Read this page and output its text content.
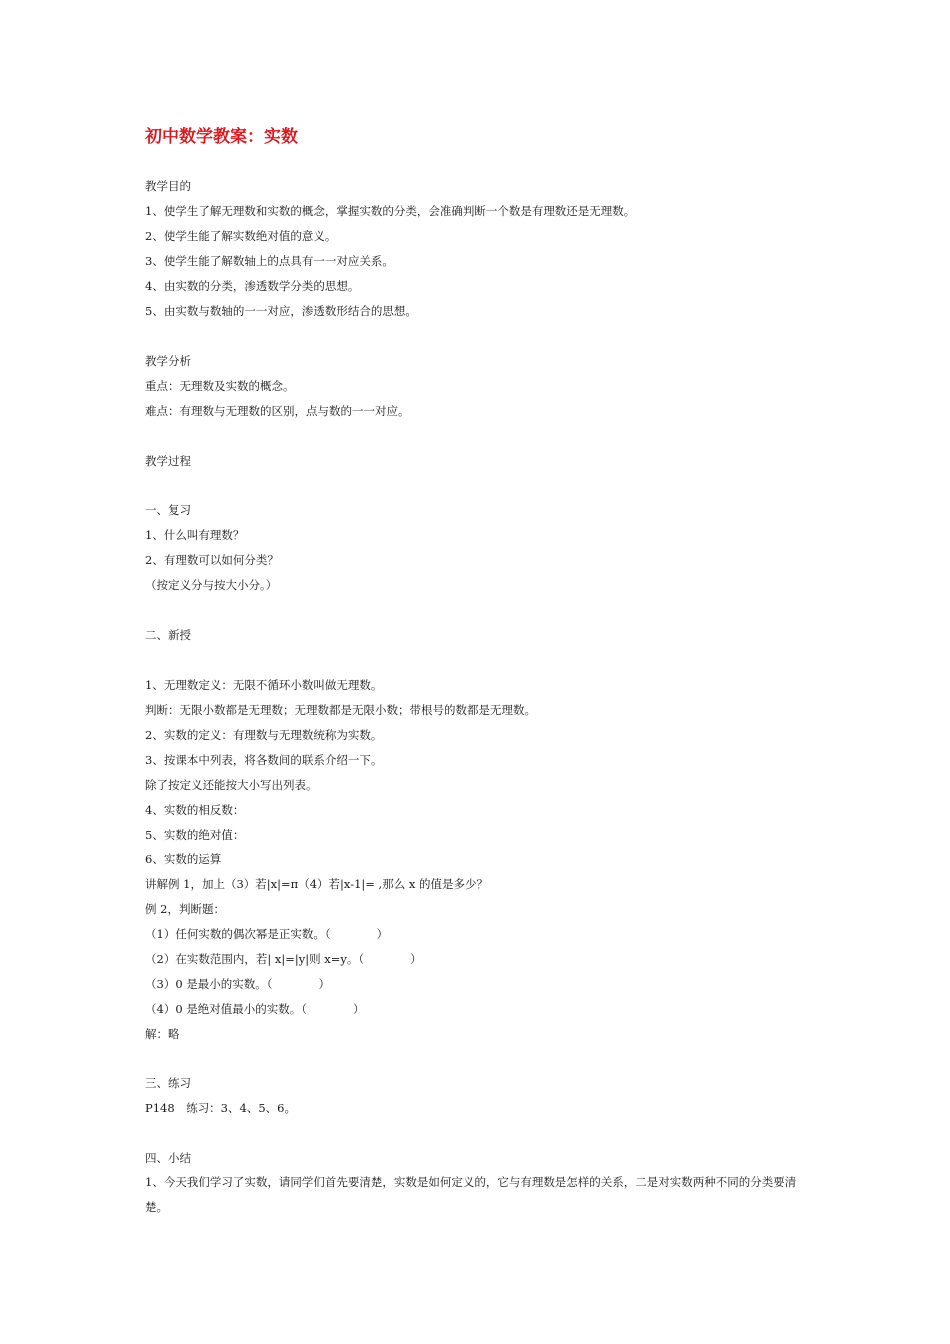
初中数学教案：实数
教学目的
1、使学生了解无理数和实数的概念，掌握实数的分类，会准确判断一个数是有理数还是无理数。
2、使学生能了解实数绝对值的意义。
3、使学生能了解数轴上的点具有一一对应关系。
4、由实数的分类，渗透数学分类的思想。
5、由实数与数轴的一一对应，渗透数形结合的思想。
教学分析
重点：无理数及实数的概念。
难点：有理数与无理数的区别，点与数的一一对应。
教学过程
一、复习
1、什么叫有理数？
2、有理数可以如何分类？
（按定义分与按大小分。）
二、新授
1、无理数定义：无限不循环小数叫做无理数。
判断：无限小数都是无理数；无理数都是无限小数；带根号的数都是无理数。
2、实数的定义：有理数与无理数统称为实数。
3、按课本中列表，将各数间的联系介绍一下。
除了按定义还能按大小写出列表。
4、实数的相反数：
5、实数的绝对值：
6、实数的运算
讲解例 1，加上（3）若|x|=π（4）若|x-1|= ,那么 x 的值是多少？
例 2，判断题：
（1）任何实数的偶次幂是正实数。（	）
（2）在实数范围内，若| x|=|y|则 x=y。（	）
（3）0 是最小的实数。（	）
（4）0 是绝对值最小的实数。（	）
解：略
三、练习
P148　练习：3、4、5、6。
四、小结
1、今天我们学习了实数，请同学们首先要清楚，实数是如何定义的，它与有理数是怎样的关系，二是对实数两种不同的分类要清楚。
